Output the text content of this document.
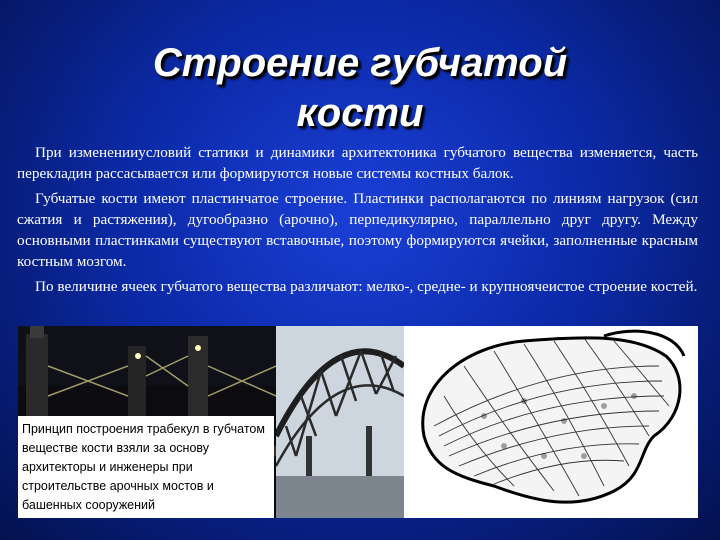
Строение губчатой
кости

При измененииусловий статики и динамики архитектоника губчатого вещества изменяется, часть перекладин рассасывается или формируются новые системы костных балок.

Губчатые кости имеют пластинчатое строение. Пластинки располагаются по линиям нагрузок (сил сжатия и растяжения), дугообразно (арочно), перпедикулярно, параллельно друг другу. Между основными пластинками существуют вставочные, поэтому формируются ячейки, заполненные красным костным мозгом.

По величине ячеек губчатого вещества различают: мелко-, средне- и крупноячеистое строение костей.

Принцип построения трабекул в губчатом веществе кости взяли за основу архитекторы и инженеры при строительстве арочных мостов и башенных сооружений
